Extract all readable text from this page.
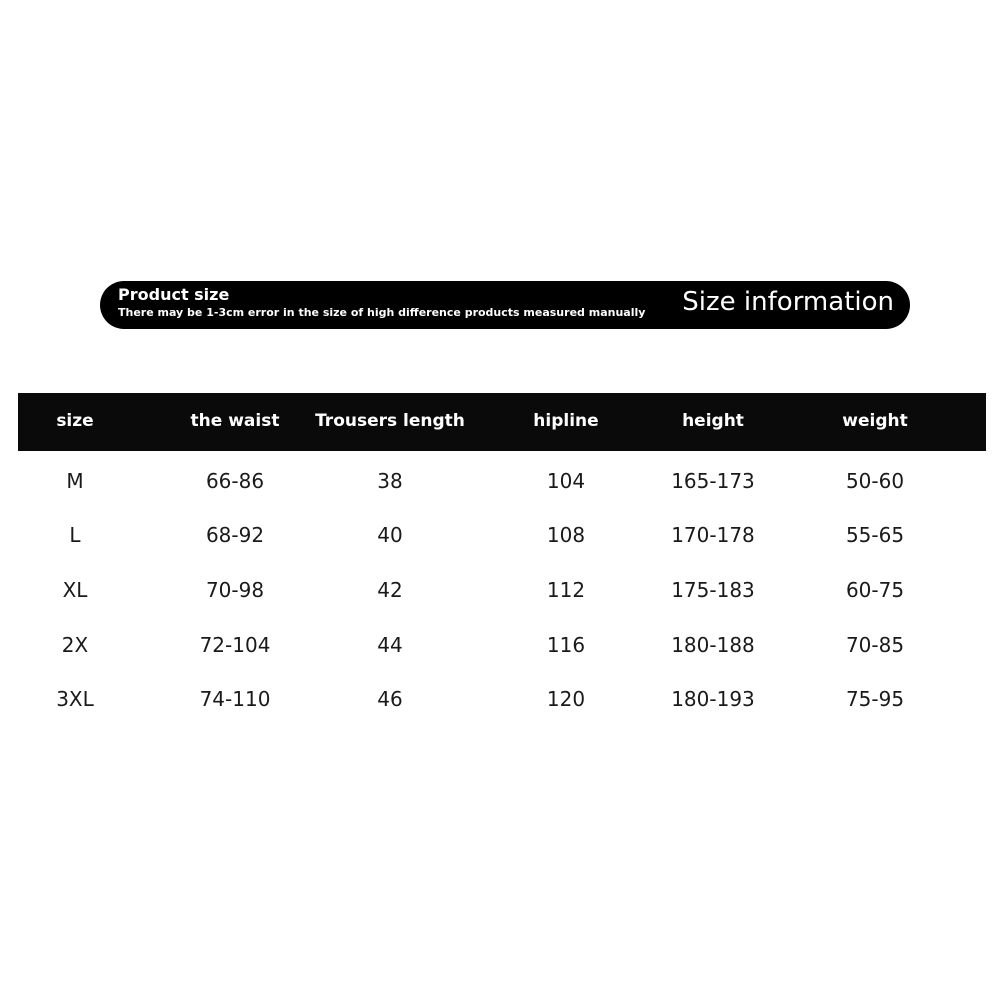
Product size
There may be 1-3cm error in the size of high difference products measured manually Size information
size	the waist	Trousers length	hipline	height	weight
M	66-86	38	104	165-173	50-60
L	68-92	40	108	170-178	55-65
XL	70-98	42	112	175-183	60-75
2X	72-104	44	116	180-188	70-85
3XL	74-110	46	120	180-193	75-95
